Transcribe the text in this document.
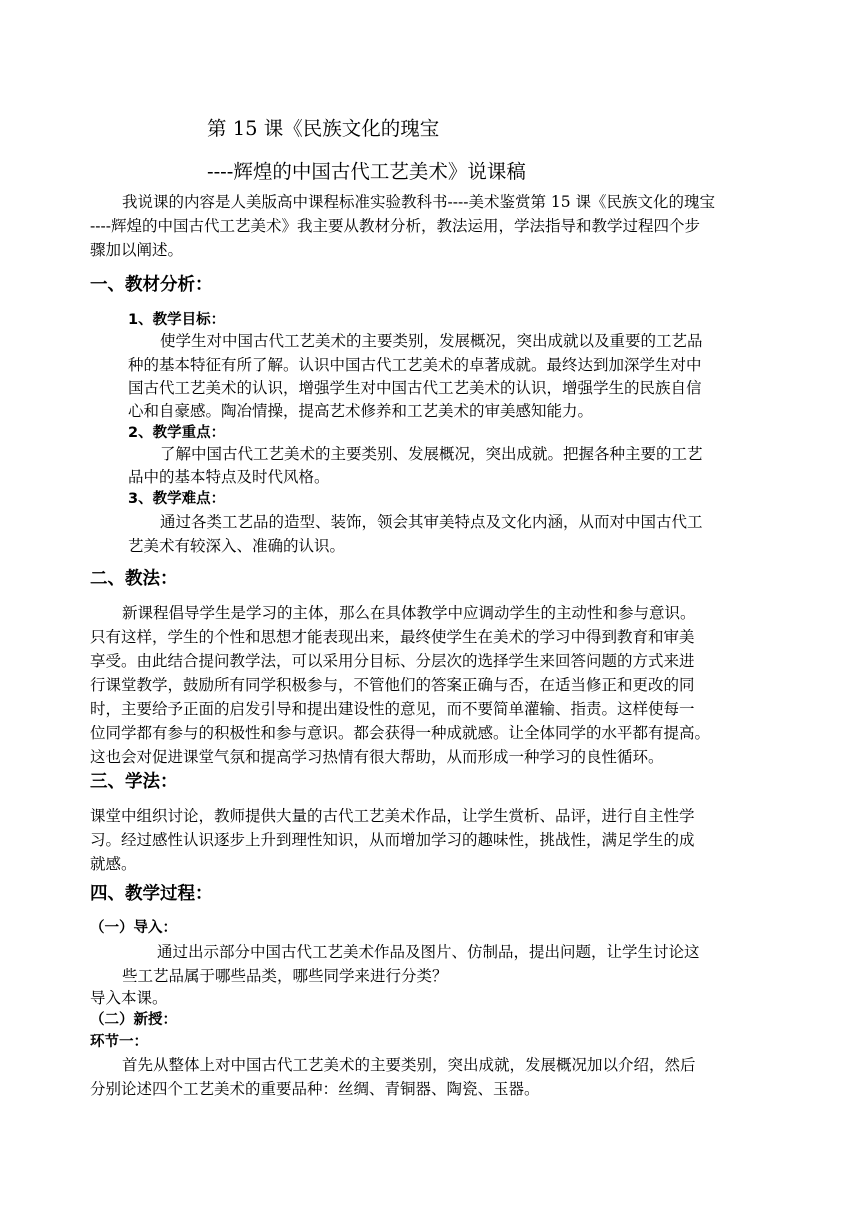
第 15 课《民族文化的瑰宝
----辉煌的中国古代工艺美术》说课稿
我说课的内容是人美版高中课程标准实验教科书----美术鉴赏第 15 课《民族文化的瑰宝
----辉煌的中国古代工艺美术》我主要从教材分析，教法运用，学法指导和教学过程四个步
骤加以阐述。
一、教材分析：
1、教学目标：
使学生对中国古代工艺美术的主要类别，发展概况，突出成就以及重要的工艺品
种的基本特征有所了解。认识中国古代工艺美术的卓著成就。最终达到加深学生对中
国古代工艺美术的认识，增强学生对中国古代工艺美术的认识，增强学生的民族自信
心和自豪感。陶冶情操，提高艺术修养和工艺美术的审美感知能力。
2、教学重点：
了解中国古代工艺美术的主要类别、发展概况，突出成就。把握各种主要的工艺
品中的基本特点及时代风格。
3、教学难点：
通过各类工艺品的造型、装饰，领会其审美特点及文化内涵，从而对中国古代工
艺美术有较深入、准确的认识。
二、教法：
新课程倡导学生是学习的主体，那么在具体教学中应调动学生的主动性和参与意识。
只有这样，学生的个性和思想才能表现出来，最终使学生在美术的学习中得到教育和审美
享受。由此结合提问教学法，可以采用分目标、分层次的选择学生来回答问题的方式来进
行课堂教学，鼓励所有同学积极参与，不管他们的答案正确与否，在适当修正和更改的同
时，主要给予正面的启发引导和提出建设性的意见，而不要简单灌输、指责。这样使每一
位同学都有参与的积极性和参与意识。都会获得一种成就感。让全体同学的水平都有提高。
这也会对促进课堂气氛和提高学习热情有很大帮助，从而形成一种学习的良性循环。
三、学法：
课堂中组织讨论，教师提供大量的古代工艺美术作品，让学生赏析、品评，进行自主性学
习。经过感性认识逐步上升到理性知识，从而增加学习的趣味性，挑战性，满足学生的成
就感。
四、教学过程：
（一）导入：
通过出示部分中国古代工艺美术作品及图片、仿制品，提出问题，让学生讨论这
些工艺品属于哪些品类，哪些同学来进行分类？
导入本课。
（二）新授：
环节一：
首先从整体上对中国古代工艺美术的主要类别，突出成就，发展概况加以介绍，然后
分别论述四个工艺美术的重要品种：丝绸、青铜器、陶瓷、玉器。
